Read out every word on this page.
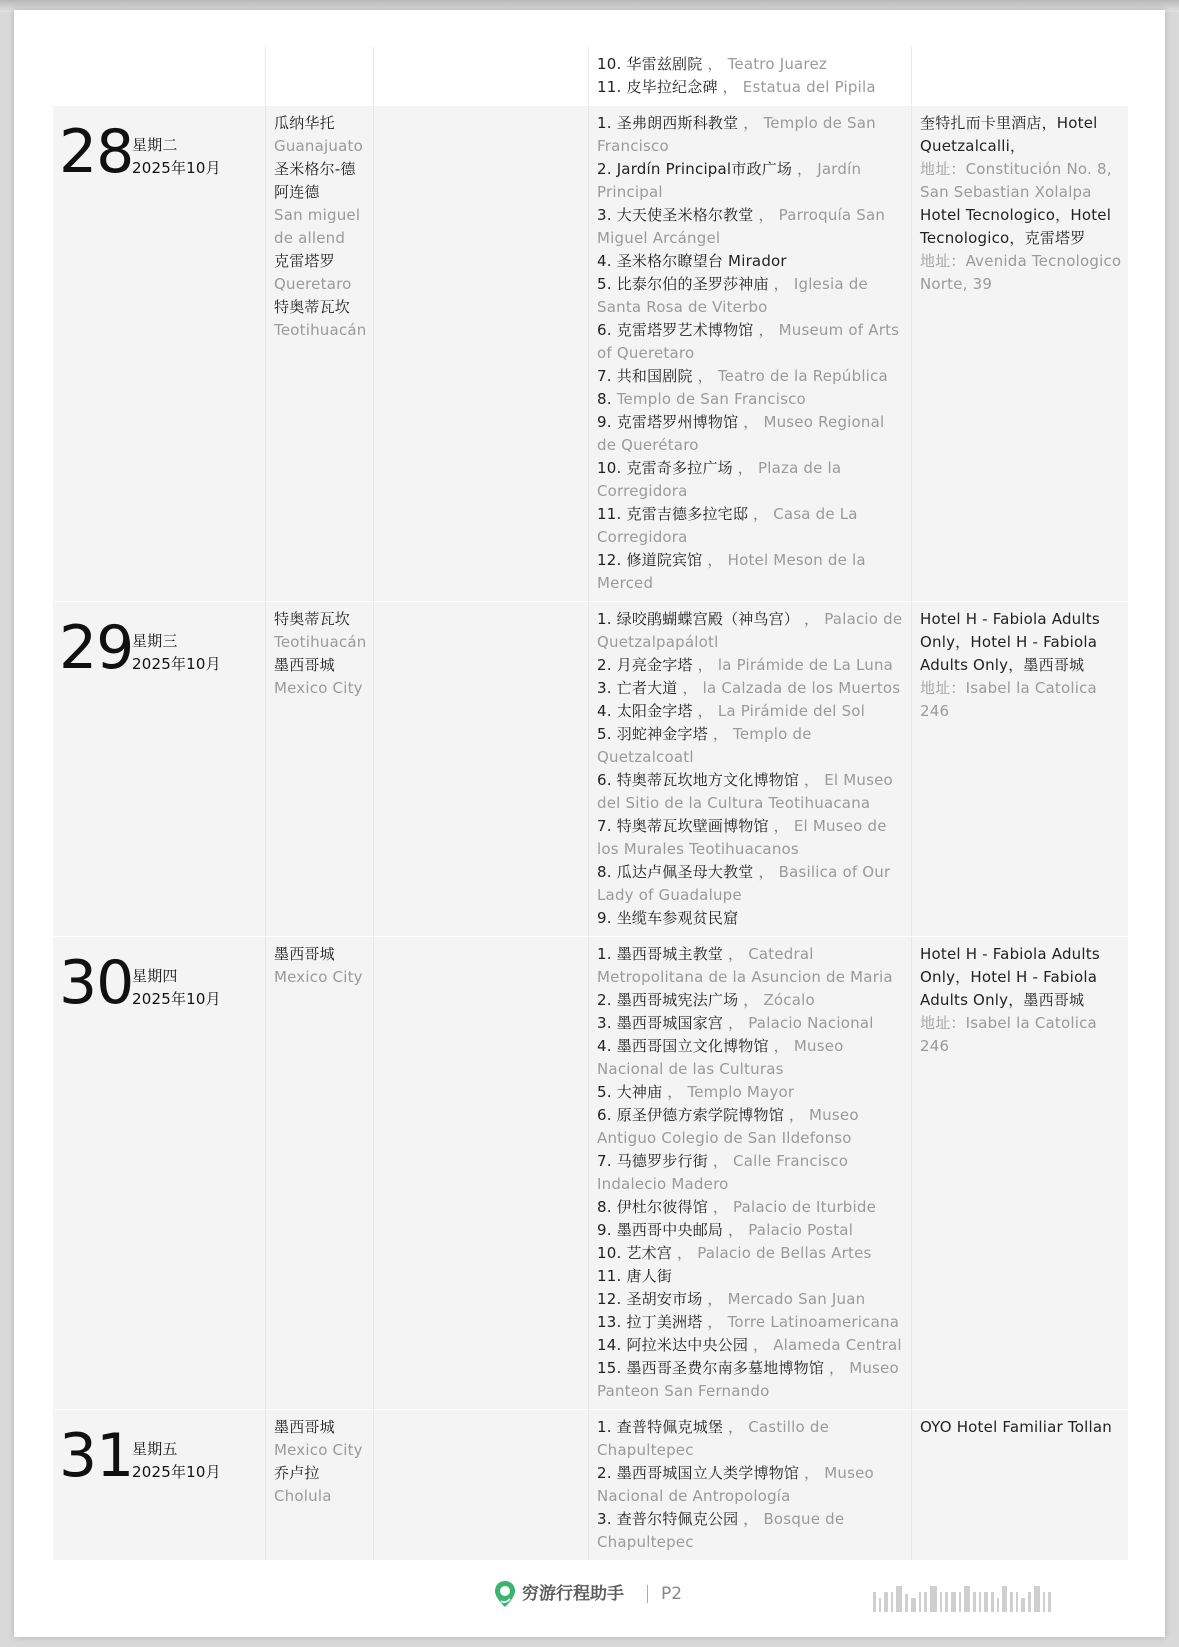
10. 华雷兹剧院 ， Teatro Juarez
11. 皮毕拉纪念碑 ， Estatua del Pipila
28
星期二
2025年10月
瓜纳华托
Guanajuato
圣米格尔-德阿连德
San miguel de allend
克雷塔罗
Queretaro
特奥蒂瓦坎
Teotihuacán
1. 圣弗朗西斯科教堂 ， Templo de San Francisco
2. Jardín Principal市政广场 ， Jardín Principal
3. 大天使圣米格尔教堂 ， Parroquía San Miguel Arcángel
4. 圣米格尔瞭望台 Mirador
5. 比泰尔伯的圣罗莎神庙 ， Iglesia de Santa Rosa de Viterbo
6. 克雷塔罗艺术博物馆 ， Museum of Arts of Queretaro
7. 共和国剧院 ， Teatro de la República
8. Templo de San Francisco
9. 克雷塔罗州博物馆 ， Museo Regional de Querétaro
10. 克雷奇多拉广场 ， Plaza de la Corregidora
11. 克雷吉德多拉宅邸 ， Casa de La Corregidora
12. 修道院宾馆 ， Hotel Meson de la Merced
奎特扎而卡里酒店，Hotel Quetzalcalli，
地址：Constitución No. 8, San Sebastian Xolalpa
Hotel Tecnologico，Hotel Tecnologico，克雷塔罗
地址：Avenida Tecnologico Norte, 39
29
星期三
2025年10月
特奥蒂瓦坎
Teotihuacán
墨西哥城
Mexico City
1. 绿咬鹃蝴蝶宫殿（神鸟宫） ， Palacio de Quetzalpapálotl
2. 月亮金字塔 ， la Pirámide de La Luna
3. 亡者大道 ， la Calzada de los Muertos
4. 太阳金字塔 ， La Pirámide del Sol
5. 羽蛇神金字塔 ， Templo de Quetzalcoatl
6. 特奥蒂瓦坎地方文化博物馆 ， El Museo del Sitio de la Cultura Teotihuacana
7. 特奥蒂瓦坎壁画博物馆 ， El Museo de los Murales Teotihuacanos
8. 瓜达卢佩圣母大教堂 ， Basilica of Our Lady of Guadalupe
9. 坐缆车参观贫民窟
Hotel H - Fabiola Adults Only，Hotel H - Fabiola Adults Only，墨西哥城
地址：Isabel la Catolica 246
30
星期四
2025年10月
墨西哥城
Mexico City
1. 墨西哥城主教堂 ， Catedral Metropolitana de la Asuncion de Maria
2. 墨西哥城宪法广场 ， Zócalo
3. 墨西哥城国家宫 ， Palacio Nacional
4. 墨西哥国立文化博物馆 ， Museo Nacional de las Culturas
5. 大神庙 ， Templo Mayor
6. 原圣伊德方索学院博物馆 ， Museo Antiguo Colegio de San Ildefonso
7. 马德罗步行街 ， Calle Francisco Indalecio Madero
8. 伊杜尔彼得馆 ， Palacio de Iturbide
9. 墨西哥中央邮局 ， Palacio Postal
10. 艺术宫 ， Palacio de Bellas Artes
11. 唐人街
12. 圣胡安市场 ， Mercado San Juan
13. 拉丁美洲塔 ， Torre Latinoamericana
14. 阿拉米达中央公园 ， Alameda Central
15. 墨西哥圣费尔南多墓地博物馆 ， Museo Panteon San Fernando
Hotel H - Fabiola Adults Only，Hotel H - Fabiola Adults Only，墨西哥城
地址：Isabel la Catolica 246
31
星期五
2025年10月
墨西哥城
Mexico City
乔卢拉
Cholula
1. 查普特佩克城堡 ， Castillo de Chapultepec
2. 墨西哥城国立人类学博物馆 ， Museo Nacional de Antropología
3. 查普尔特佩克公园 ， Bosque de Chapultepec
OYO Hotel Familiar Tollan
穷游行程助手 P2
